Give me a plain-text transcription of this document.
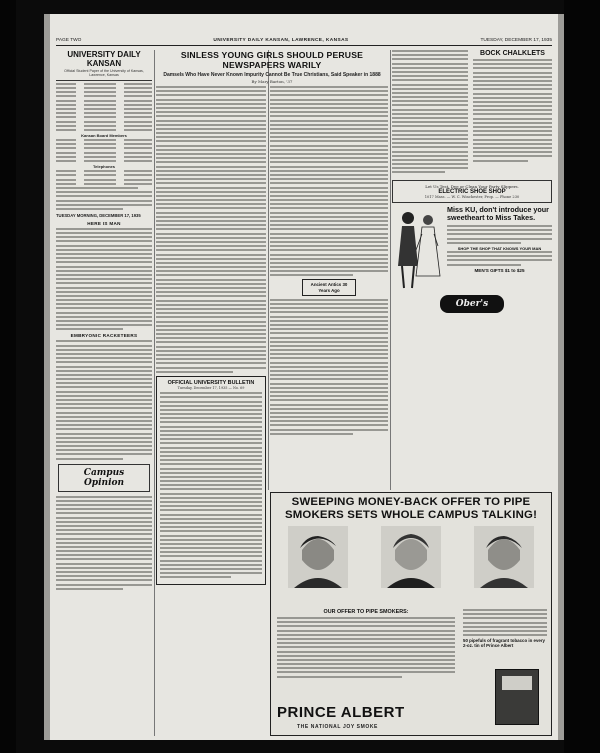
PAGE TWO	UNIVERSITY DAILY KANSAN, LAWRENCE, KANSAS	TUESDAY, DECEMBER 17, 1935
UNIVERSITY DAILY KANSAN
Official Student Paper of the University of Kansas, Lawrence, Kansas
Kansan Board Members
Telephones
TUESDAY MORNING, DECEMBER 17, 1935
HERE IS MAN
EMBRYONIC RACKETEERS
Campus Opinion
SINLESS YOUNG GIRLS SHOULD PERUSE NEWSPAPERS WARILY
Damsels Who Have Never Known Impurity Cannot Be True Christians, Said Speaker in 1888
By Mary Barton, '37
OFFICIAL UNIVERSITY BULLETIN
Tuesday, December 17, 1935 — No. 69
Ancient Antics 30 Years Ago
BOCK CHALKLETS
Let Us Test, Dye or Clean Your Party Slippers.
ELECTRIC SHOE SHOP
1017 Mass. — W. C. Winchester, Prop. — Phone 230
Miss KU, don't introduce your sweetheart to Miss Takes.
SHOP THE SHOP THAT KNOWS YOUR MAN
MEN'S GIFTS $1 to $25
Ober's
SWEEPING MONEY-BACK OFFER TO PIPE SMOKERS SETS WHOLE CAMPUS TALKING!
OUR OFFER TO PIPE SMOKERS:
50 pipefuls of fragrant tobacco in every 2-oz. tin of Prince Albert
PRINCE ALBERT
THE NATIONAL JOY SMOKE
